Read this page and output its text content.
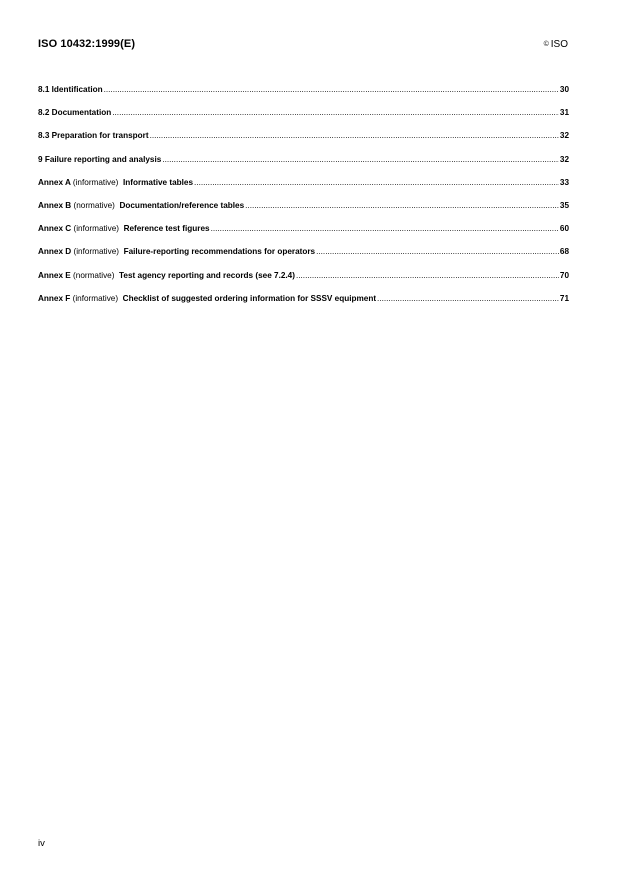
ISO 10432:1999(E)	© ISO
8.1 Identification .....	30
8.2 Documentation .....	31
8.3 Preparation for transport .....	32
9 Failure reporting and analysis .....	32
Annex A (informative) Informative tables .....	33
Annex B (normative) Documentation/reference tables .....	35
Annex C (informative) Reference test figures .....	60
Annex D (informative) Failure-reporting recommendations for operators .....	68
Annex E (normative) Test agency reporting and records (see 7.2.4) .....	70
Annex F (informative) Checklist of suggested ordering information for SSSV equipment .....	71
iv
